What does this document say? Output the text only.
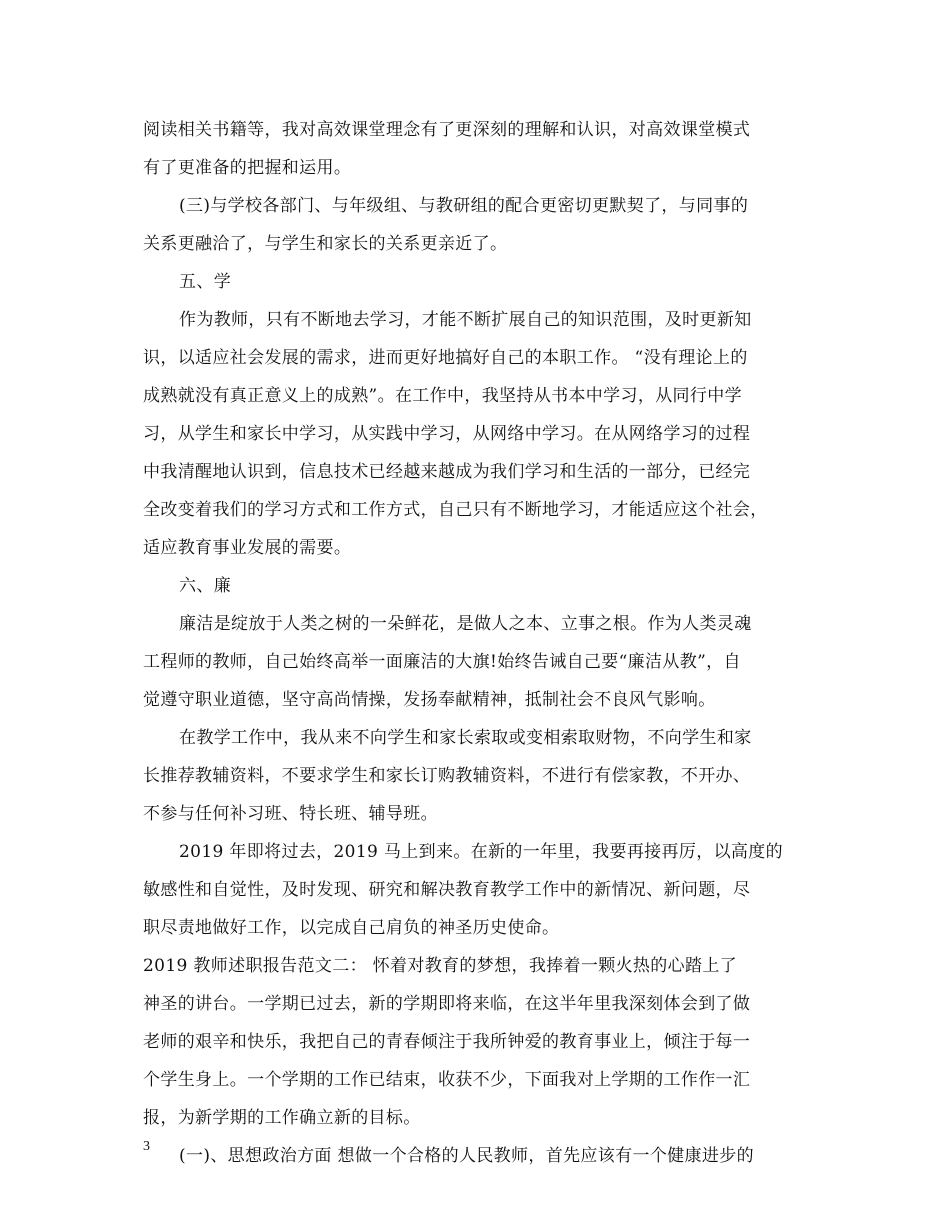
阅读相关书籍等，我对高效课堂理念有了更深刻的理解和认识，对高效课堂模式
有了更准备的把握和运用。
(三)与学校各部门、与年级组、与教研组的配合更密切更默契了，与同事的
关系更融洽了，与学生和家长的关系更亲近了。
五、学
作为教师，只有不断地去学习，才能不断扩展自己的知识范围，及时更新知
识，以适应社会发展的需求，进而更好地搞好自己的本职工作。 “没有理论上的
成熟就没有真正意义上的成熟”。在工作中，我坚持从书本中学习，从同行中学
习，从学生和家长中学习，从实践中学习，从网络中学习。在从网络学习的过程
中我清醒地认识到，信息技术已经越来越成为我们学习和生活的一部分，已经完
全改变着我们的学习方式和工作方式，自己只有不断地学习，才能适应这个社会，
适应教育事业发展的需要。
六、廉
廉洁是绽放于人类之树的一朵鲜花，是做人之本、立事之根。作为人类灵魂
工程师的教师，自己始终高举一面廉洁的大旗!始终告诫自己要“廉洁从教”，自
觉遵守职业道德，坚守高尚情操，发扬奉献精神，抵制社会不良风气影响。
在教学工作中，我从来不向学生和家长索取或变相索取财物，不向学生和家
长推荐教辅资料，不要求学生和家长订购教辅资料，不进行有偿家教，不开办、
不参与任何补习班、特长班、辅导班。
2019 年即将过去，2019 马上到来。在新的一年里，我要再接再厉，以高度的
敏感性和自觉性，及时发现、研究和解决教育教学工作中的新情况、新问题，尽
职尽责地做好工作，以完成自己肩负的神圣历史使命。
2019 教师述职报告范文二： 怀着对教育的梦想，我捧着一颗火热的心踏上了
神圣的讲台。一学期已过去，新的学期即将来临，在这半年里我深刻体会到了做
老师的艰辛和快乐，我把自己的青春倾注于我所钟爱的教育事业上，倾注于每一
个学生身上。一个学期的工作已结束，收获不少，下面我对上学期的工作作一汇
报，为新学期的工作确立新的目标。
(一)、思想政治方面 想做一个合格的人民教师，首先应该有一个健康进步的
3
